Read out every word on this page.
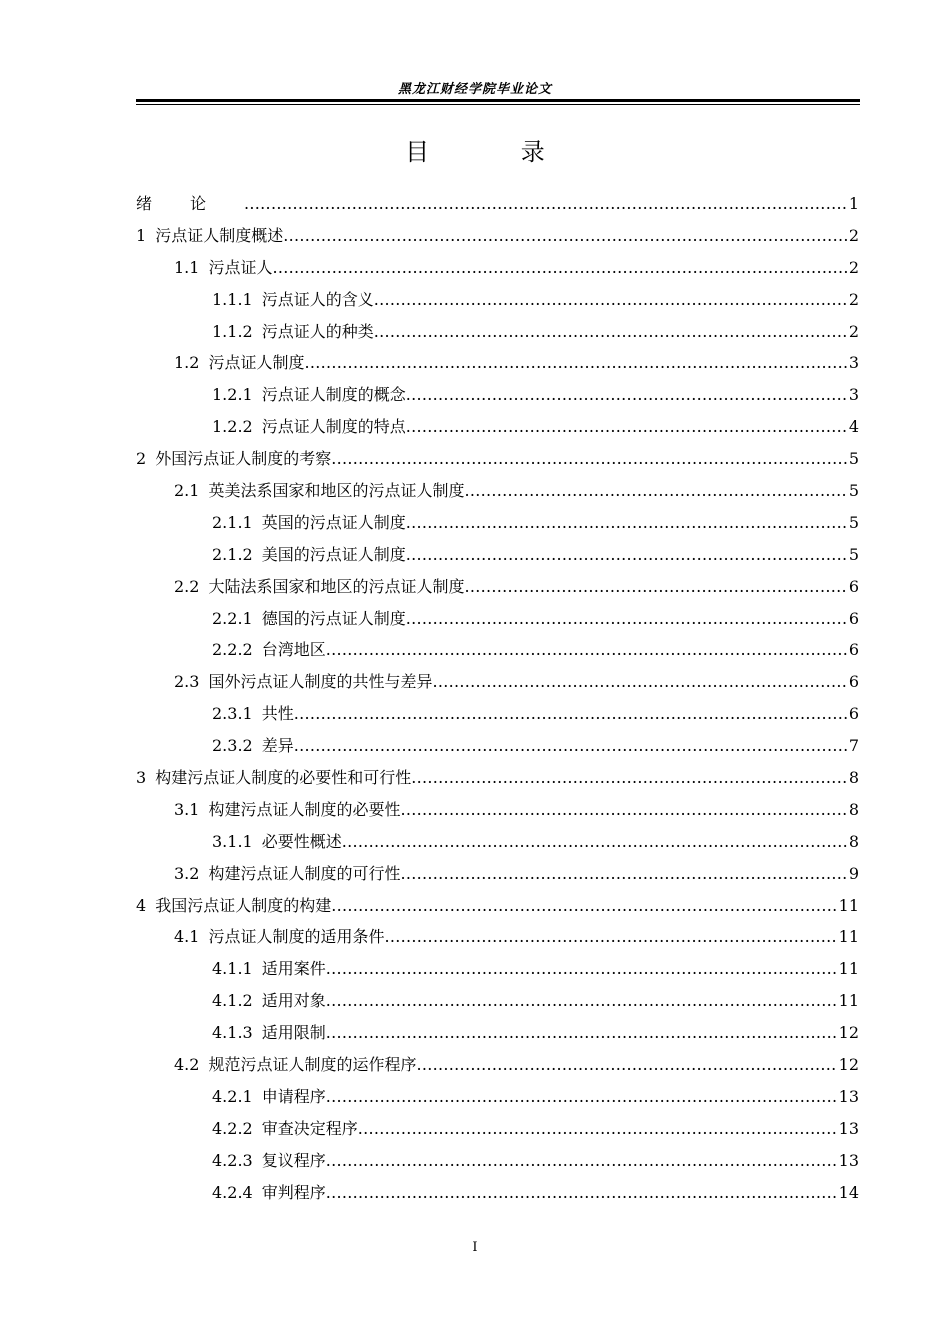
黑龙江财经学院毕业论文
目 录
绪论 .....	1
1 污点证人制度概述 .....	2
1.1 污点证人 .....	2
1.1.1 污点证人的含义 .....	2
1.1.2 污点证人的种类 .....	2
1.2 污点证人制度 .....	3
1.2.1 污点证人制度的概念 .....	3
1.2.2 污点证人制度的特点 .....	4
2 外国污点证人制度的考察 .....	5
2.1 英美法系国家和地区的污点证人制度 .....	5
2.1.1 英国的污点证人制度 .....	5
2.1.2 美国的污点证人制度 .....	5
2.2 大陆法系国家和地区的污点证人制度 .....	6
2.2.1 德国的污点证人制度 .....	6
2.2.2 台湾地区 .....	6
2.3 国外污点证人制度的共性与差异 .....	6
2.3.1 共性 .....	6
2.3.2 差异 .....	7
3 构建污点证人制度的必要性和可行性 .....	8
3.1 构建污点证人制度的必要性 .....	8
3.1.1 必要性概述 .....	8
3.2 构建污点证人制度的可行性 .....	9
4 我国污点证人制度的构建 .....	11
4.1 污点证人制度的适用条件 .....	11
4.1.1 适用案件 .....	11
4.1.2 适用对象 .....	11
4.1.3 适用限制 .....	12
4.2 规范污点证人制度的运作程序 .....	12
4.2.1 申请程序 .....	13
4.2.2 审查决定程序 .....	13
4.2.3 复议程序 .....	13
4.2.4 审判程序 .....	14
I
